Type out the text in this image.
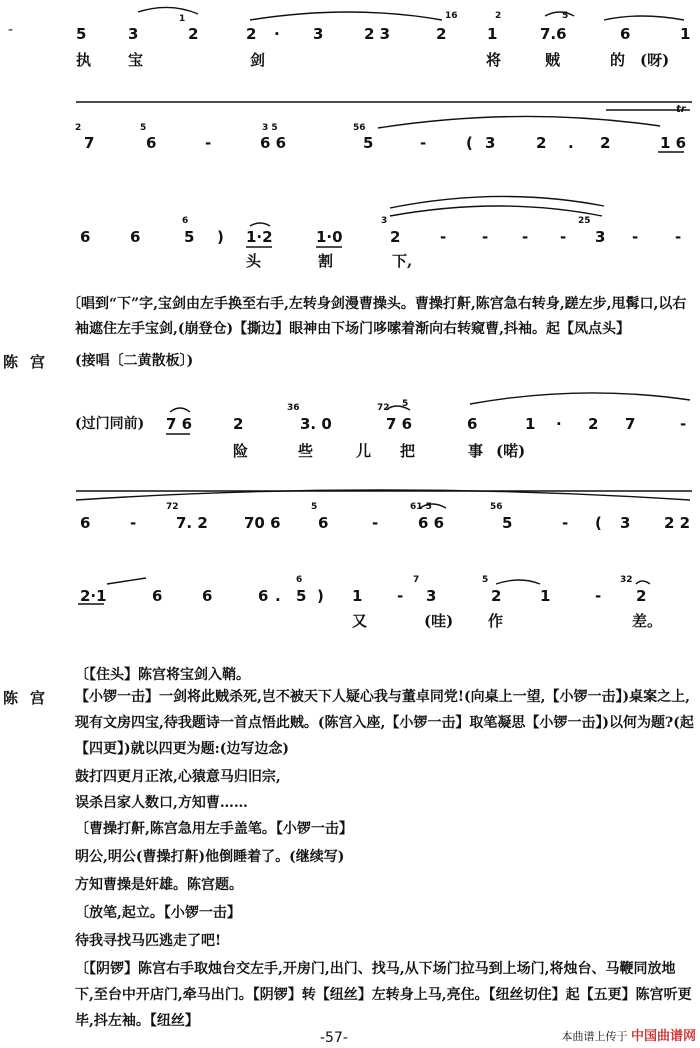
-	5	3
1
2	2 · 3	2 3
16
2
2
1
5
7.6	6	1
执 宝	剑	将	贼	的 (呀)
2
7
5
6	-
3 5
6 6
56
5	-	( 3	2 . 2	1 6
tr
6	6
6
5 ) 1·2	1·0
3
2	- - - -
25
3 - -
头	割	下,
〔唱到“下”字,宝剑由左手换至右手,左转身剑漫曹操头。曹操打鼾,陈宫急右转身,蹉左步,甩髯口,以右袖遮住左手宝剑,(崩登仓)【撕边】眼神由下场门哆嗦着渐向右转窥曹,抖袖。起【凤点头】
陈宫 (接唱〔二黄散板〕)
(过门同前) 7 6	2
36
3. 0
72 5
7 6	6	1 · 2 7	-
险	些	儿 把	事 (喏)
6	-
72
7. 2 70 6
5
6	-
61 5
6 6
56
5	- ( 3 2 2
2·1	6	6	6 .
6
5 ) 1 -
7
3
5
2	1	-
32
2
又	(哇) 作	差。
〔【住头】陈宫将宝剑入鞘。
陈宫 【小锣一击】一剑将此贼杀死,岂不被天下人疑心我与董卓同党!(向桌上一望,【小锣一击】)桌案之上,现有文房四宝,待我题诗一首点悟此贼。(陈宫入座,【小锣一击】取笔凝思【小锣一击】)以何为题?(起【四更】)就以四更为题:(边写边念)
鼓打四更月正浓,心猿意马归旧宗,
误杀吕家人数口,方知曹……
〔曹操打鼾,陈宫急用左手盖笔。【小锣一击】
明公,明公(曹操打鼾)他倒睡着了。(继续写)
方知曹操是奸雄。陈宫题。
〔放笔,起立。【小锣一击】
待我寻找马匹逃走了吧!
〔【阴锣】陈宫右手取烛台交左手,开房门,出门、找马,从下场门拉马到上场门,将烛台、马鞭同放地下,至台中开店门,牵马出门。【阴锣】转【纽丝】左转身上马,亮住。【纽丝切住】起【五更】陈宫听更毕,抖左袖。【纽丝】
-57-	本曲谱上传于 中国曲谱网
